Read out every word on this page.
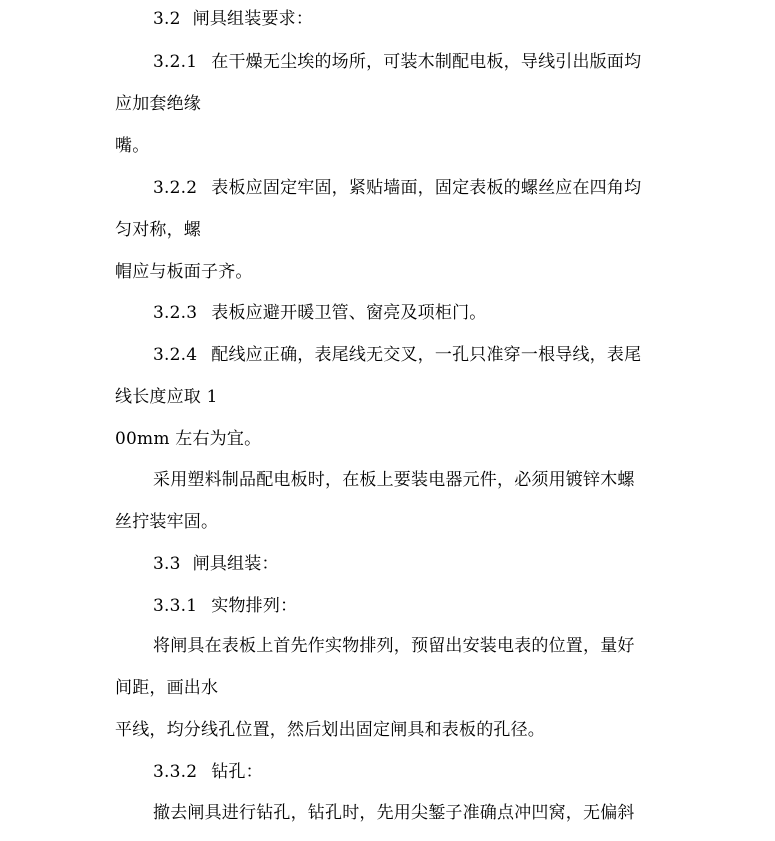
3.2 闸具组装要求：
3.2.1 在干燥无尘埃的场所，可装木制配电板，导线引出版面均
应加套绝缘
嘴。
3.2.2 表板应固定牢固，紧贴墙面，固定表板的螺丝应在四角均
匀对称，螺
帽应与板面子齐。
3.2.3 表板应避开暖卫管、窗亮及项柜门。
3.2.4 配线应正确，表尾线无交叉，一孔只准穿一根导线，表尾
线长度应取 1
00mm 左右为宜。
采用塑料制品配电板时，在板上要装电器元件，必须用镀锌木螺
丝拧装牢固。
3.3 闸具组装：
3.3.1 实物排列：
将闸具在表板上首先作实物排列，预留出安装电表的位置，量好
间距，画出水
平线，均分线孔位置，然后划出固定闸具和表板的孔径。
3.3.2 钻孔：
撤去闸具进行钻孔，钻孔时，先用尖錾子准确点冲凹窝，无偏斜
